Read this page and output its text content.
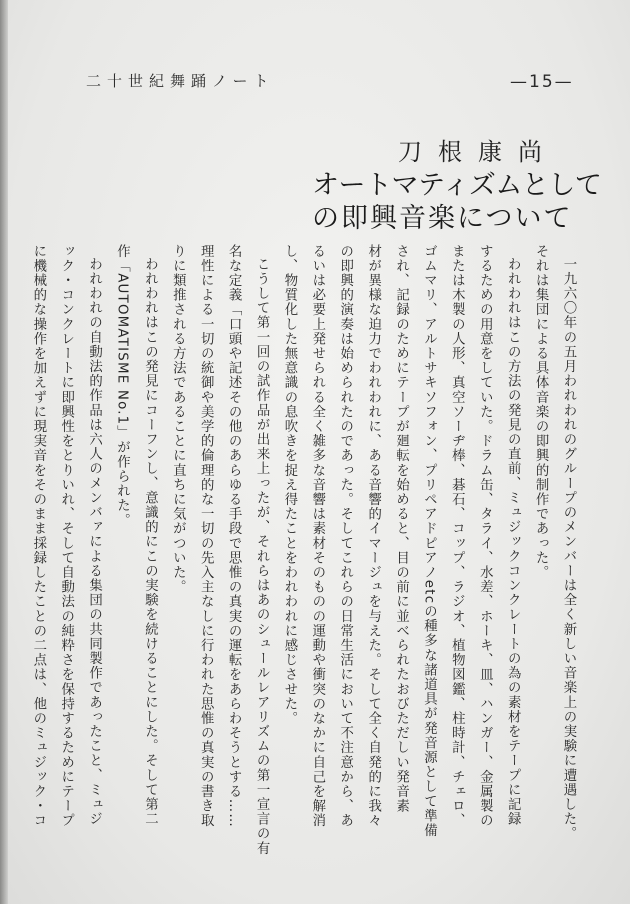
二十世紀舞踊ノート	—15—
刀根康尚
オートマティズムとして
の即興音楽について
一九六〇年の五月われわれのグループのメンバーは全く新しい音楽上の実験に遭遇した。
それは集団による具体音楽の即興的制作であった。
われわれはこの方法の発見の直前、ミュジックコンクレートの為の素材をテープに記録
するための用意をしていた。ドラム缶、タライ、水差、ホーキ、皿、ハンガー、金属製の
または木製の人形、真空ソーヂ棒、碁石、コップ、ラジオ、植物図鑑、柱時計、チェロ、
ゴムマリ、アルトサキソフォン、プリペアドピアノetcの種多な諸道具が発音源として準備
され、記録のためにテープが廻転を始めると、目の前に並べられたおびただしい発音素
材が異様な迫力でわれわれに、ある音響的イマージュを与えた。そして全く自発的に我々
の即興的演奏は始められたのであった。そしてこれらの日常生活において不注意から、あ
るいは必要上発せられる全く雑多な音響は素材そのものの運動や衝突のなかに自己を解消
し、物質化した無意識の息吹きを捉え得たことをわれわれに感じさせた。
こうして第一回の試作品が出来上ったが、それらはあのシュールレアリズムの第一宣言の有
名な定義「口頭や記述その他のあらゆる手段で思惟の真実の運転をあらわそうとする……
理性による一切の統御や美学的倫理的な一切の先入主なしに行われた思惟の真実の書き取
りに類推される方法であることに直ちに気がついた。
われわれはこの発見にコーフンし、意識的にこの実験を続けることにした。そして第二
作「AUTOMATISME No.1」が作られた。
われわれの自動法的作品は六人のメンバァによる集団の共同製作であったこと、ミュジ
ック・コンクレートに即興性をとりいれ、そして自動法の純粋さを保持するためにテープ
に機械的な操作を加えずに現実音をそのまま採録したことの二点は、他のミュジック・コ
